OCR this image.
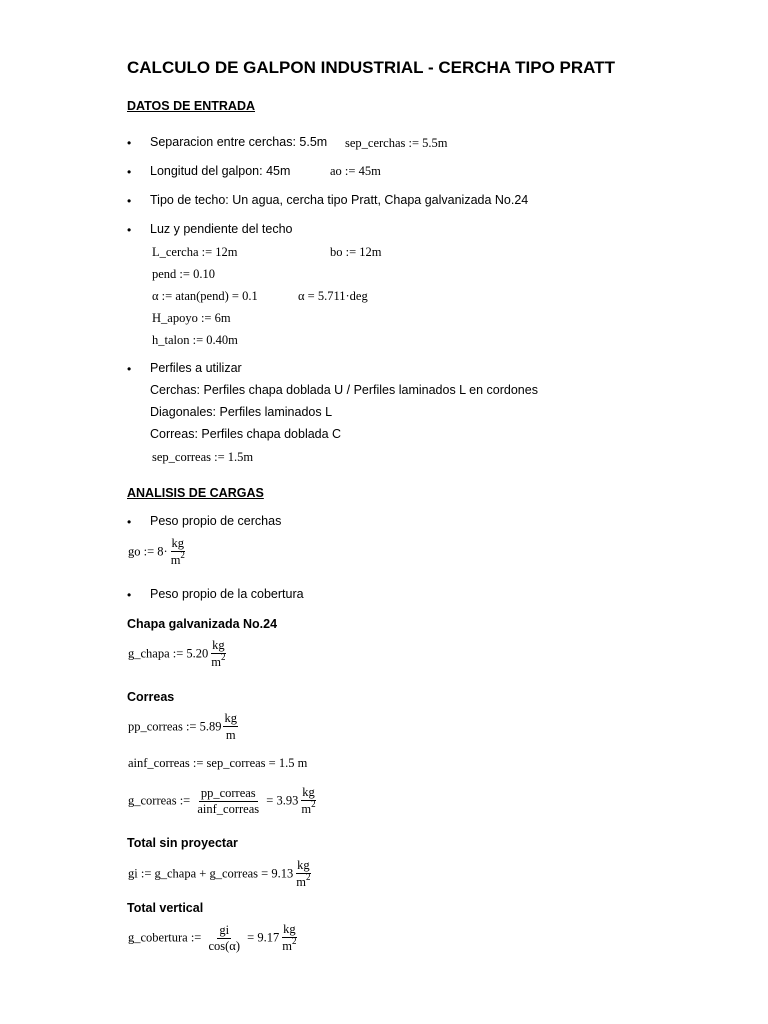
CALCULO DE GALPON INDUSTRIAL - CERCHA TIPO PRATT
DATOS DE ENTRADA
• Separacion entre cerchas: 5.5m sep_cerchas := 5.5m
• Longitud del galpon: 45m	ao := 45m
• Tipo de techo: Un agua, cercha tipo Pratt, Chapa galvanizada No.24
• Luz y pendiente del techo
L_cercha := 12m	bo := 12m
pend := 0.10
α := atan(pend) = 0.1	α = 5.711·deg
H_apoyo := 6m
h_talon := 0.40m
• Perfiles a utilizar
Cerchas: Perfiles chapa doblada U / Perfiles laminados L en cordones
Diagonales: Perfiles laminados L
Correas: Perfiles chapa doblada C
sep_correas := 1.5m
ANALISIS DE CARGAS
• Peso propio de cerchas
go := $8\cdot \frac{kg}{m^2}$
• Peso propio de la cobertura
Chapa galvanizada No.24
g_chapa := $5.20 \frac{kg}{m^2}$
Correas
pp_correas := $5.89 \frac{kg}{m}$
ainf_correas := sep_correas = 1.5 m
g_correas := $\frac{\text{pp\_correas}}{\text{ainf\_correas}} = 3.93 \frac{kg}{m^2}$
Total sin proyectar
gi := g_chapa + g_correas = $9.13 \frac{kg}{m^2}$
Total vertical
g_cobertura := $\frac{gi}{\cos(\alpha)} = 9.17 \frac{kg}{m^2}$
